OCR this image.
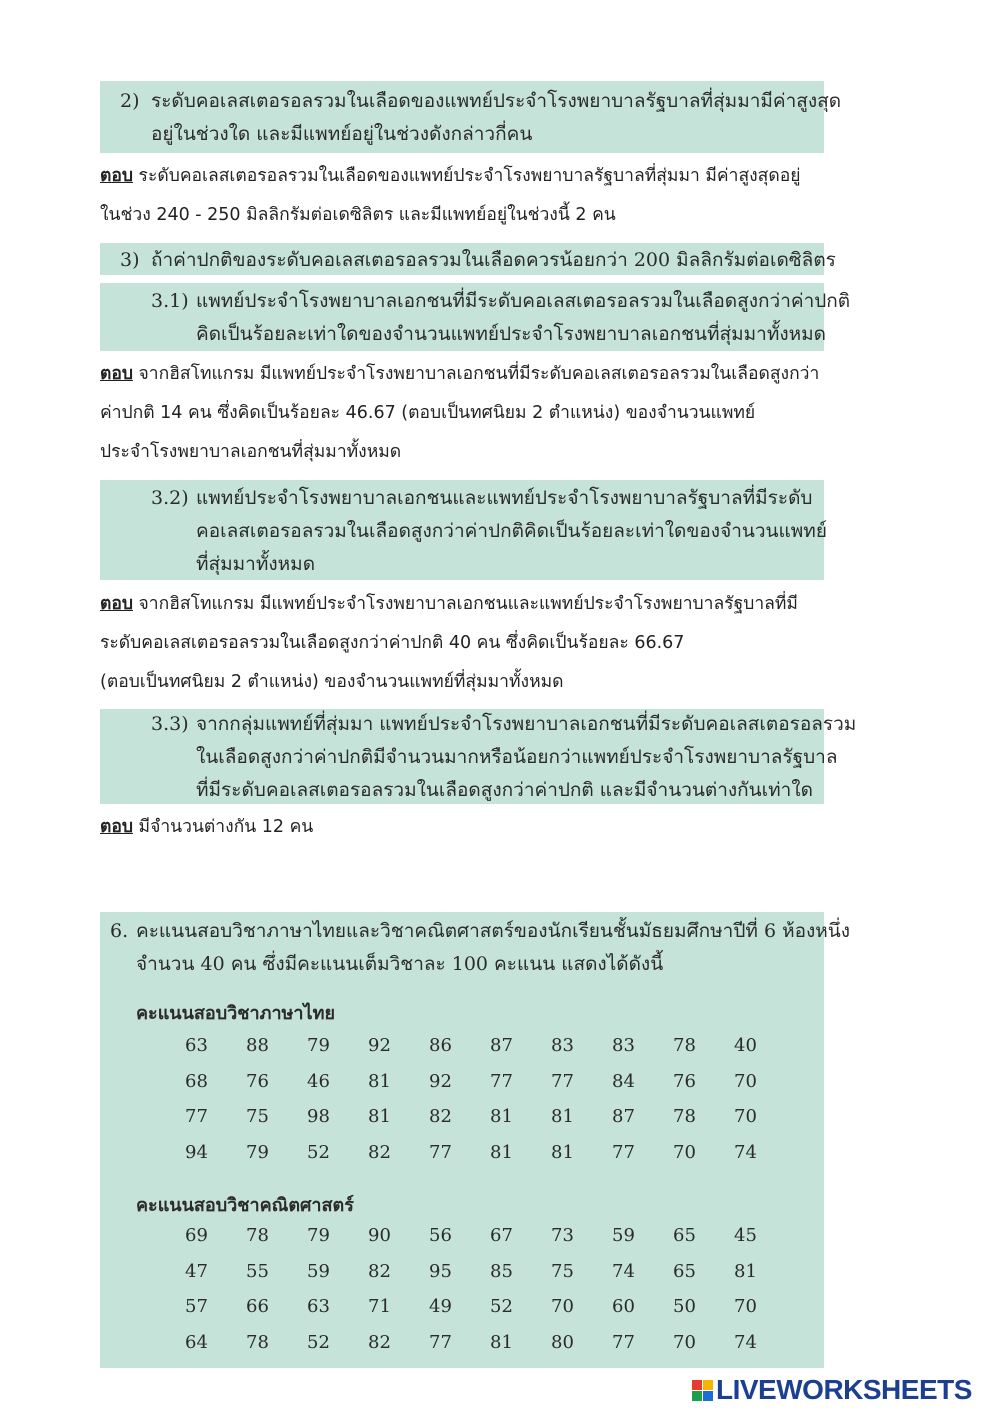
2) ระดับคอเลสเตอรอลรวมในเลือดของแพทย์ประจำโรงพยาบาลรัฐบาลที่สุ่มมามีค่าสูงสุด
อยู่ในช่วงใด และมีแพทย์อยู่ในช่วงดังกล่าวกี่คน
ตอบ ระดับคอเลสเตอรอลรวมในเลือดของแพทย์ประจำโรงพยาบาลรัฐบาลที่สุ่มมา มีค่าสูงสุดอยู่
ในช่วง 240 - 250 มิลลิกรัมต่อเดซิลิตร และมีแพทย์อยู่ในช่วงนี้ 2 คน
3) ถ้าค่าปกติของระดับคอเลสเตอรอลรวมในเลือดควรน้อยกว่า 200 มิลลิกรัมต่อเดซิลิตร
3.1) แพทย์ประจำโรงพยาบาลเอกชนที่มีระดับคอเลสเตอรอลรวมในเลือดสูงกว่าค่าปกติ
คิดเป็นร้อยละเท่าใดของจำนวนแพทย์ประจำโรงพยาบาลเอกชนที่สุ่มมาทั้งหมด
ตอบ จากฮิสโทแกรม มีแพทย์ประจำโรงพยาบาลเอกชนที่มีระดับคอเลสเตอรอลรวมในเลือดสูงกว่า
ค่าปกติ 14 คน ซึ่งคิดเป็นร้อยละ 46.67 (ตอบเป็นทศนิยม 2 ตำแหน่ง) ของจำนวนแพทย์
ประจำโรงพยาบาลเอกชนที่สุ่มมาทั้งหมด
3.2) แพทย์ประจำโรงพยาบาลเอกชนและแพทย์ประจำโรงพยาบาลรัฐบาลที่มีระดับ
คอเลสเตอรอลรวมในเลือดสูงกว่าค่าปกติคิดเป็นร้อยละเท่าใดของจำนวนแพทย์
ที่สุ่มมาทั้งหมด
ตอบ จากฮิสโทแกรม มีแพทย์ประจำโรงพยาบาลเอกชนและแพทย์ประจำโรงพยาบาลรัฐบาลที่มี
ระดับคอเลสเตอรอลรวมในเลือดสูงกว่าค่าปกติ 40 คน ซึ่งคิดเป็นร้อยละ 66.67
(ตอบเป็นทศนิยม 2 ตำแหน่ง) ของจำนวนแพทย์ที่สุ่มมาทั้งหมด
3.3) จากกลุ่มแพทย์ที่สุ่มมา แพทย์ประจำโรงพยาบาลเอกชนที่มีระดับคอเลสเตอรอลรวม
ในเลือดสูงกว่าค่าปกติมีจำนวนมากหรือน้อยกว่าแพทย์ประจำโรงพยาบาลรัฐบาล
ที่มีระดับคอเลสเตอรอลรวมในเลือดสูงกว่าค่าปกติ และมีจำนวนต่างกันเท่าใด
ตอบ มีจำนวนต่างกัน 12 คน
6. คะแนนสอบวิชาภาษาไทยและวิชาคณิตศาสตร์ของนักเรียนชั้นมัธยมศึกษาปีที่ 6 ห้องหนึ่ง
จำนวน 40 คน ซึ่งมีคะแนนเต็มวิชาละ 100 คะแนน แสดงได้ดังนี้
คะแนนสอบวิชาภาษาไทย
63	88	79	92	86	87	83	83	78	40
68	76	46	81	92	77	77	84	76	70
77	75	98	81	82	81	81	87	78	70
94	79	52	82	77	81	81	77	70	74
คะแนนสอบวิชาคณิตศาสตร์
69	78	79	90	56	67	73	59	65	45
47	55	59	82	95	85	75	74	65	81
57	66	63	71	49	52	70	60	50	70
64	78	52	82	77	81	80	77	70	74
LIVEWORKSHEETS
